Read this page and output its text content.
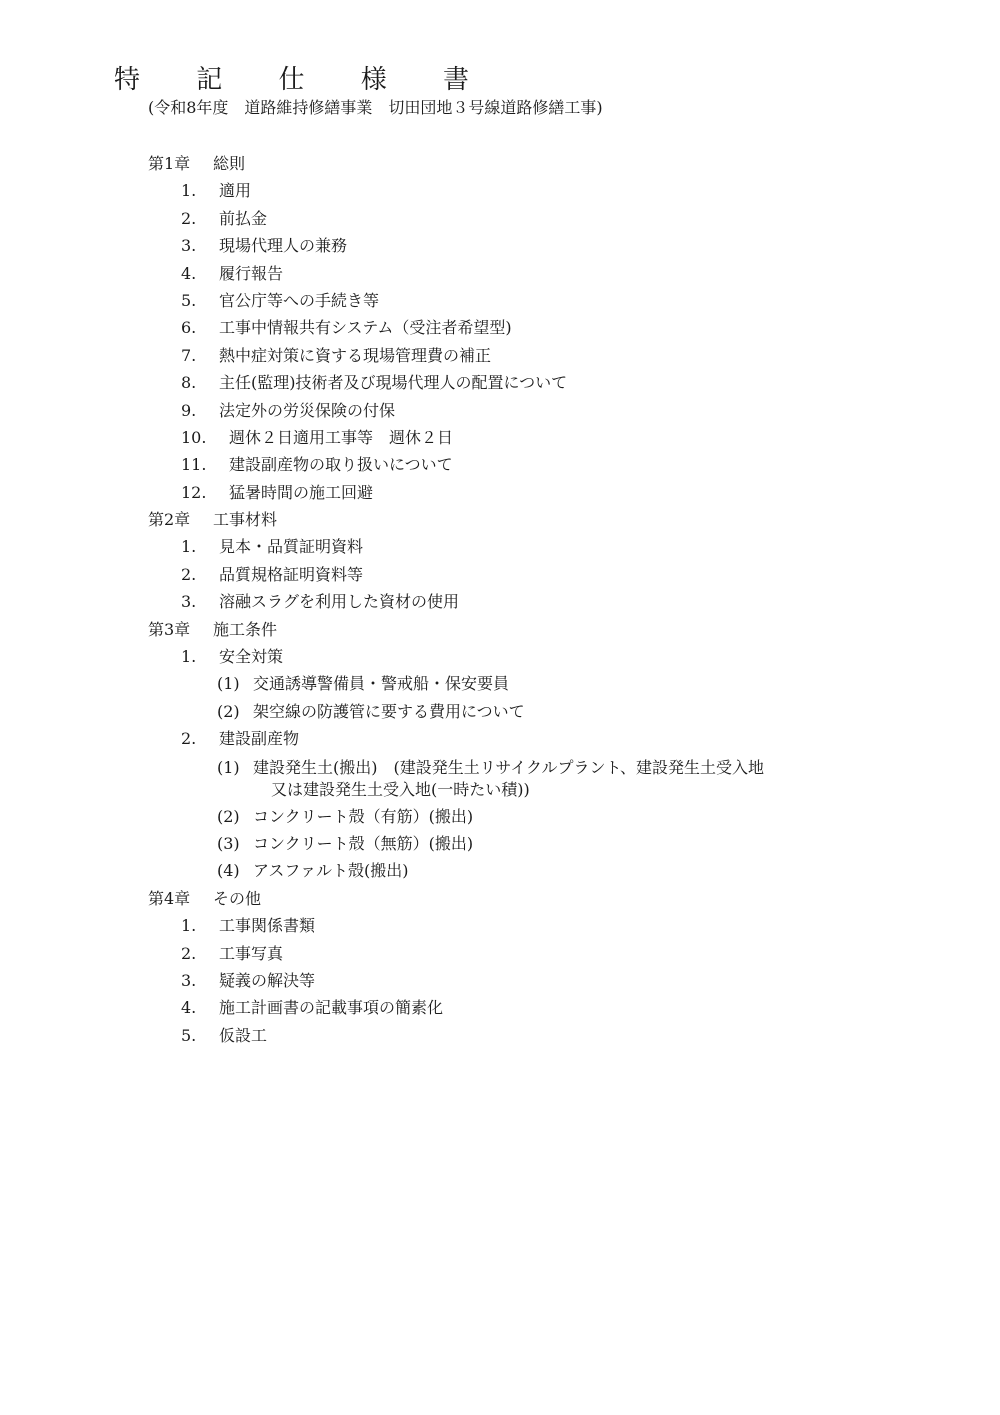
特 記 仕 様 書
(令和8年度　道路維持修繕事業　切田団地３号線道路修繕工事)
第1章 総則
1. 適用
2. 前払金
3. 現場代理人の兼務
4. 履行報告
5. 官公庁等への手続き等
6. 工事中情報共有システム（受注者希望型)
7. 熱中症対策に資する現場管理費の補正
8. 主任(監理)技術者及び現場代理人の配置について
9. 法定外の労災保険の付保
10. 週休２日適用工事等　週休２日
11. 建設副産物の取り扱いについて
12. 猛暑時間の施工回避
第2章 工事材料
1. 見本・品質証明資料
2. 品質規格証明資料等
3. 溶融スラグを利用した資材の使用
第3章 施工条件
1. 安全対策
(1) 交通誘導警備員・警戒船・保安要員
(2) 架空線の防護管に要する費用について
2. 建設副産物
(1) 建設発生土(搬出)　(建設発生土リサイクルプラント、建設発生土受入地
又は建設発生土受入地(一時たい積))
(2) コンクリート殻（有筋）(搬出)
(3) コンクリート殻（無筋）(搬出)
(4) アスファルト殻(搬出)
第4章 その他
1. 工事関係書類
2. 工事写真
3. 疑義の解決等
4. 施工計画書の記載事項の簡素化
5. 仮設工
